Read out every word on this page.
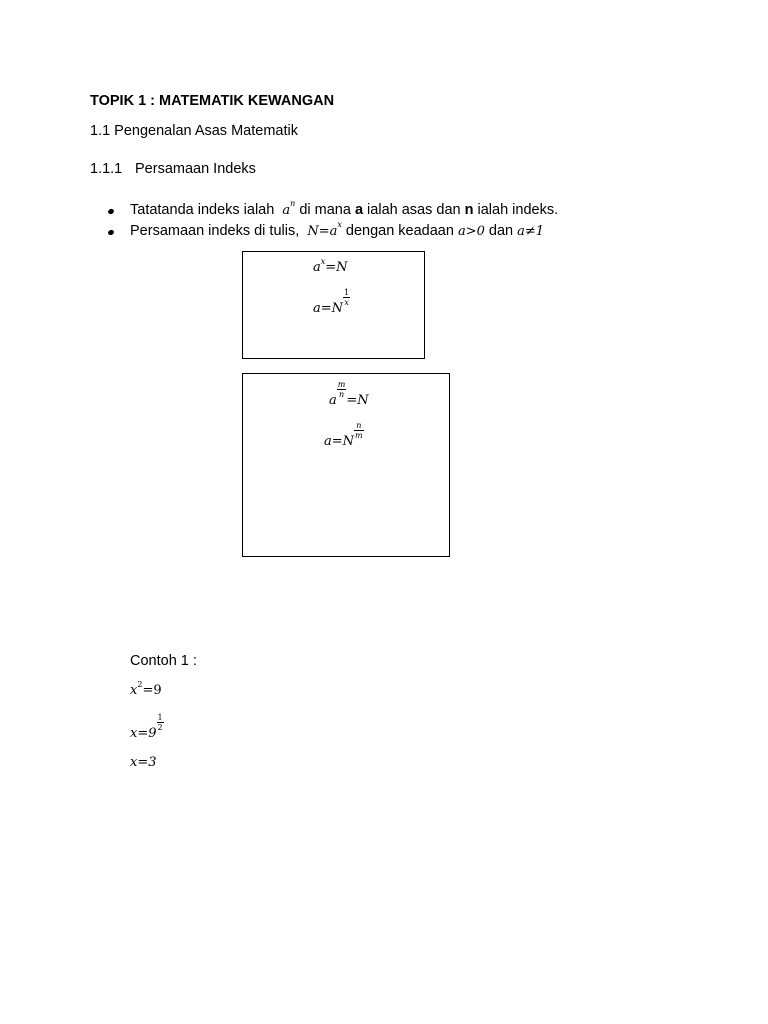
TOPIK 1 : MATEMATIK KEWANGAN
1.1 Pengenalan Asas Matematik
1.1.1 Persamaan Indeks
Tatatanda indeks ialah $a^n$ di mana a ialah asas dan n ialah indeks.
Persamaan indeks di tulis, $N=a^x$ dengan keadaan a>0 dan a≠1
$a^x=N$
a=N
$\frac{1}{x}$
a
$\frac{m}{n}$
=N
a=N
$\frac{n}{m}$
Contoh 1 :
$x^2=9$
x=9
$\frac{1}{2}$
x=3
